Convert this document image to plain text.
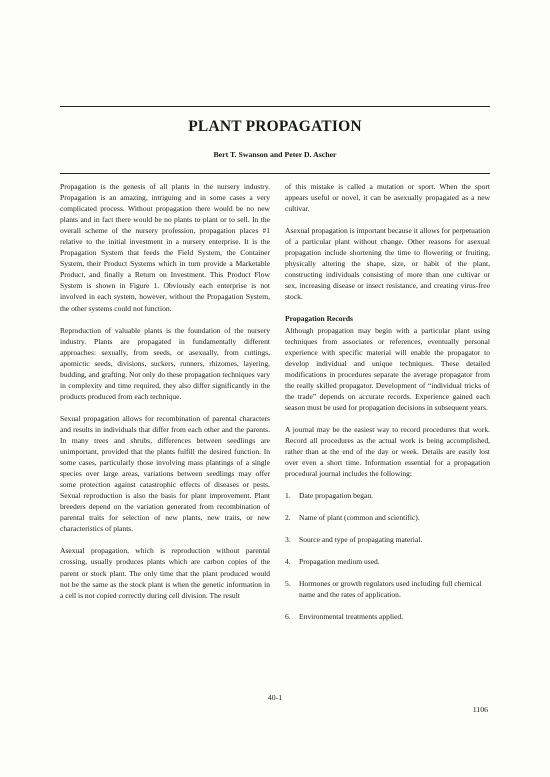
PLANT PROPAGATION
Bert T. Swanson and Peter D. Ascher

Propagation is the genesis of all plants in the nursery industry. Propagation is an amazing, intriguing and in some cases a very complicated process. Without propagation there would be no new plants and in fact there would be no plants to plant or to sell. In the overall scheme of the nursery profession, propagation places #1 relative to the initial investment in a nursery enterprise. It is the Propagation System that feeds the Field System, the Container System, their Product Systems which in turn provide a Marketable Product, and finally a Return on Investment. This Product Flow System is shown in Figure 1. Obviously each enterprise is not involved in each system, however, without the Propagation System, the other systems could not function.

Reproduction of valuable plants is the foundation of the nursery industry. Plants are propagated in fundamentally different approaches: sexually, from seeds, or asexually, from cuttings, apomictic seeds, divisions, suckers, runners, rhizomes, layering, budding, and grafting. Not only do these propagation techniques vary in complexity and time required, they also differ significantly in the products produced from each technique.

Sexual propagation allows for recombination of parental characters and results in individuals that differ from each other and the parents. In many trees and shrubs, differences between seedlings are unimportant, provided that the plants fulfill the desired function. In some cases, particularly those involving mass plantings of a single species over large areas, variations between seedlings may offer some protection against catastrophic effects of diseases or pests. Sexual reproduction is also the basis for plant improvement. Plant breeders depend on the variation generated from recombination of parental traits for selection of new plants, new traits, or new characteristics of plants.

Asexual propagation, which is reproduction without parental crossing, usually produces plants which are carbon copies of the parent or stock plant. The only time that the plant produced would not be the same as the stock plant is when the genetic information in a cell is not copied correctly during cell division. The result

of this mistake is called a mutation or sport. When the sport appears useful or novel, it can be asexually propagated as a new cultivar.

Asexual propagation is important because it allows for perpetuation of a particular plant without change. Other reasons for asexual propagation include shortening the time to flowering or fruiting, physically altering the shape, size, or habit of the plant, constructing individuals consisting of more than one cultivar or sex, increasing disease or insect resistance, and creating virus-free stock.

Propagation Records

Although propagation may begin with a particular plant using techniques from associates or references, eventually personal experience with specific material will enable the propagator to develop individual and unique techniques. These detailed modifications in procedures separate the average propagator from the really skilled propagator. Development of “individual tricks of the trade” depends on accurate records. Experience gained each season must be used for propagation decisions in subsequent years.

A journal may be the easiest way to record procedures that work. Record all procedures as the actual work is being accomplished, rather than at the end of the day or week. Details are easily lost over even a short time. Information essential for a propagation procedural journal includes the following:

1.	Date propagation began.
2.	Name of plant (common and scientific).
3.	Source and type of propagating material.
4.	Propagation medium used.
5.	Hormones or growth regulators used including full chemical name and the rates of application.
6.	Environmental treatments applied.
40-1
1106
